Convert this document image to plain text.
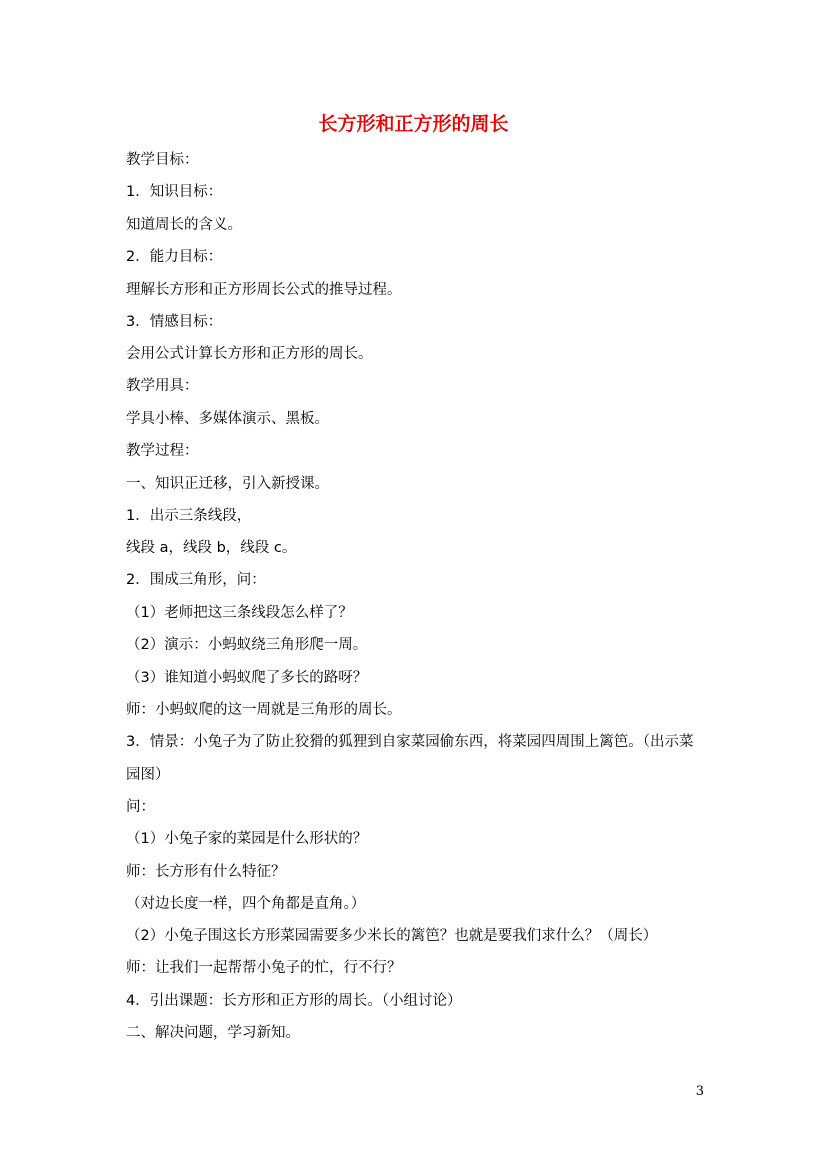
长方形和正方形的周长
教学目标：
1．知识目标：
知道周长的含义。
2．能力目标：
理解长方形和正方形周长公式的推导过程。
3．情感目标：
会用公式计算长方形和正方形的周长。
教学用具：
学具小棒、多媒体演示、黑板。
教学过程：
一、知识正迁移，引入新授课。
1．出示三条线段，
线段 a，线段 b，线段 c。
2．围成三角形，问：
（1）老师把这三条线段怎么样了？
（2）演示：小蚂蚁绕三角形爬一周。
（3）谁知道小蚂蚁爬了多长的路呀？
师：小蚂蚁爬的这一周就是三角形的周长。
3．情景：小兔子为了防止狡猾的狐狸到自家菜园偷东西，将菜园四周围上篱笆。（出示菜园图）
问：
（1）小兔子家的菜园是什么形状的？
师：长方形有什么特征？
（对边长度一样，四个角都是直角。）
（2）小兔子围这长方形菜园需要多少米长的篱笆？也就是要我们求什么？（周长）
师：让我们一起帮帮小兔子的忙，行不行？
4．引出课题：长方形和正方形的周长。（小组讨论）
二、解决问题，学习新知。
3
